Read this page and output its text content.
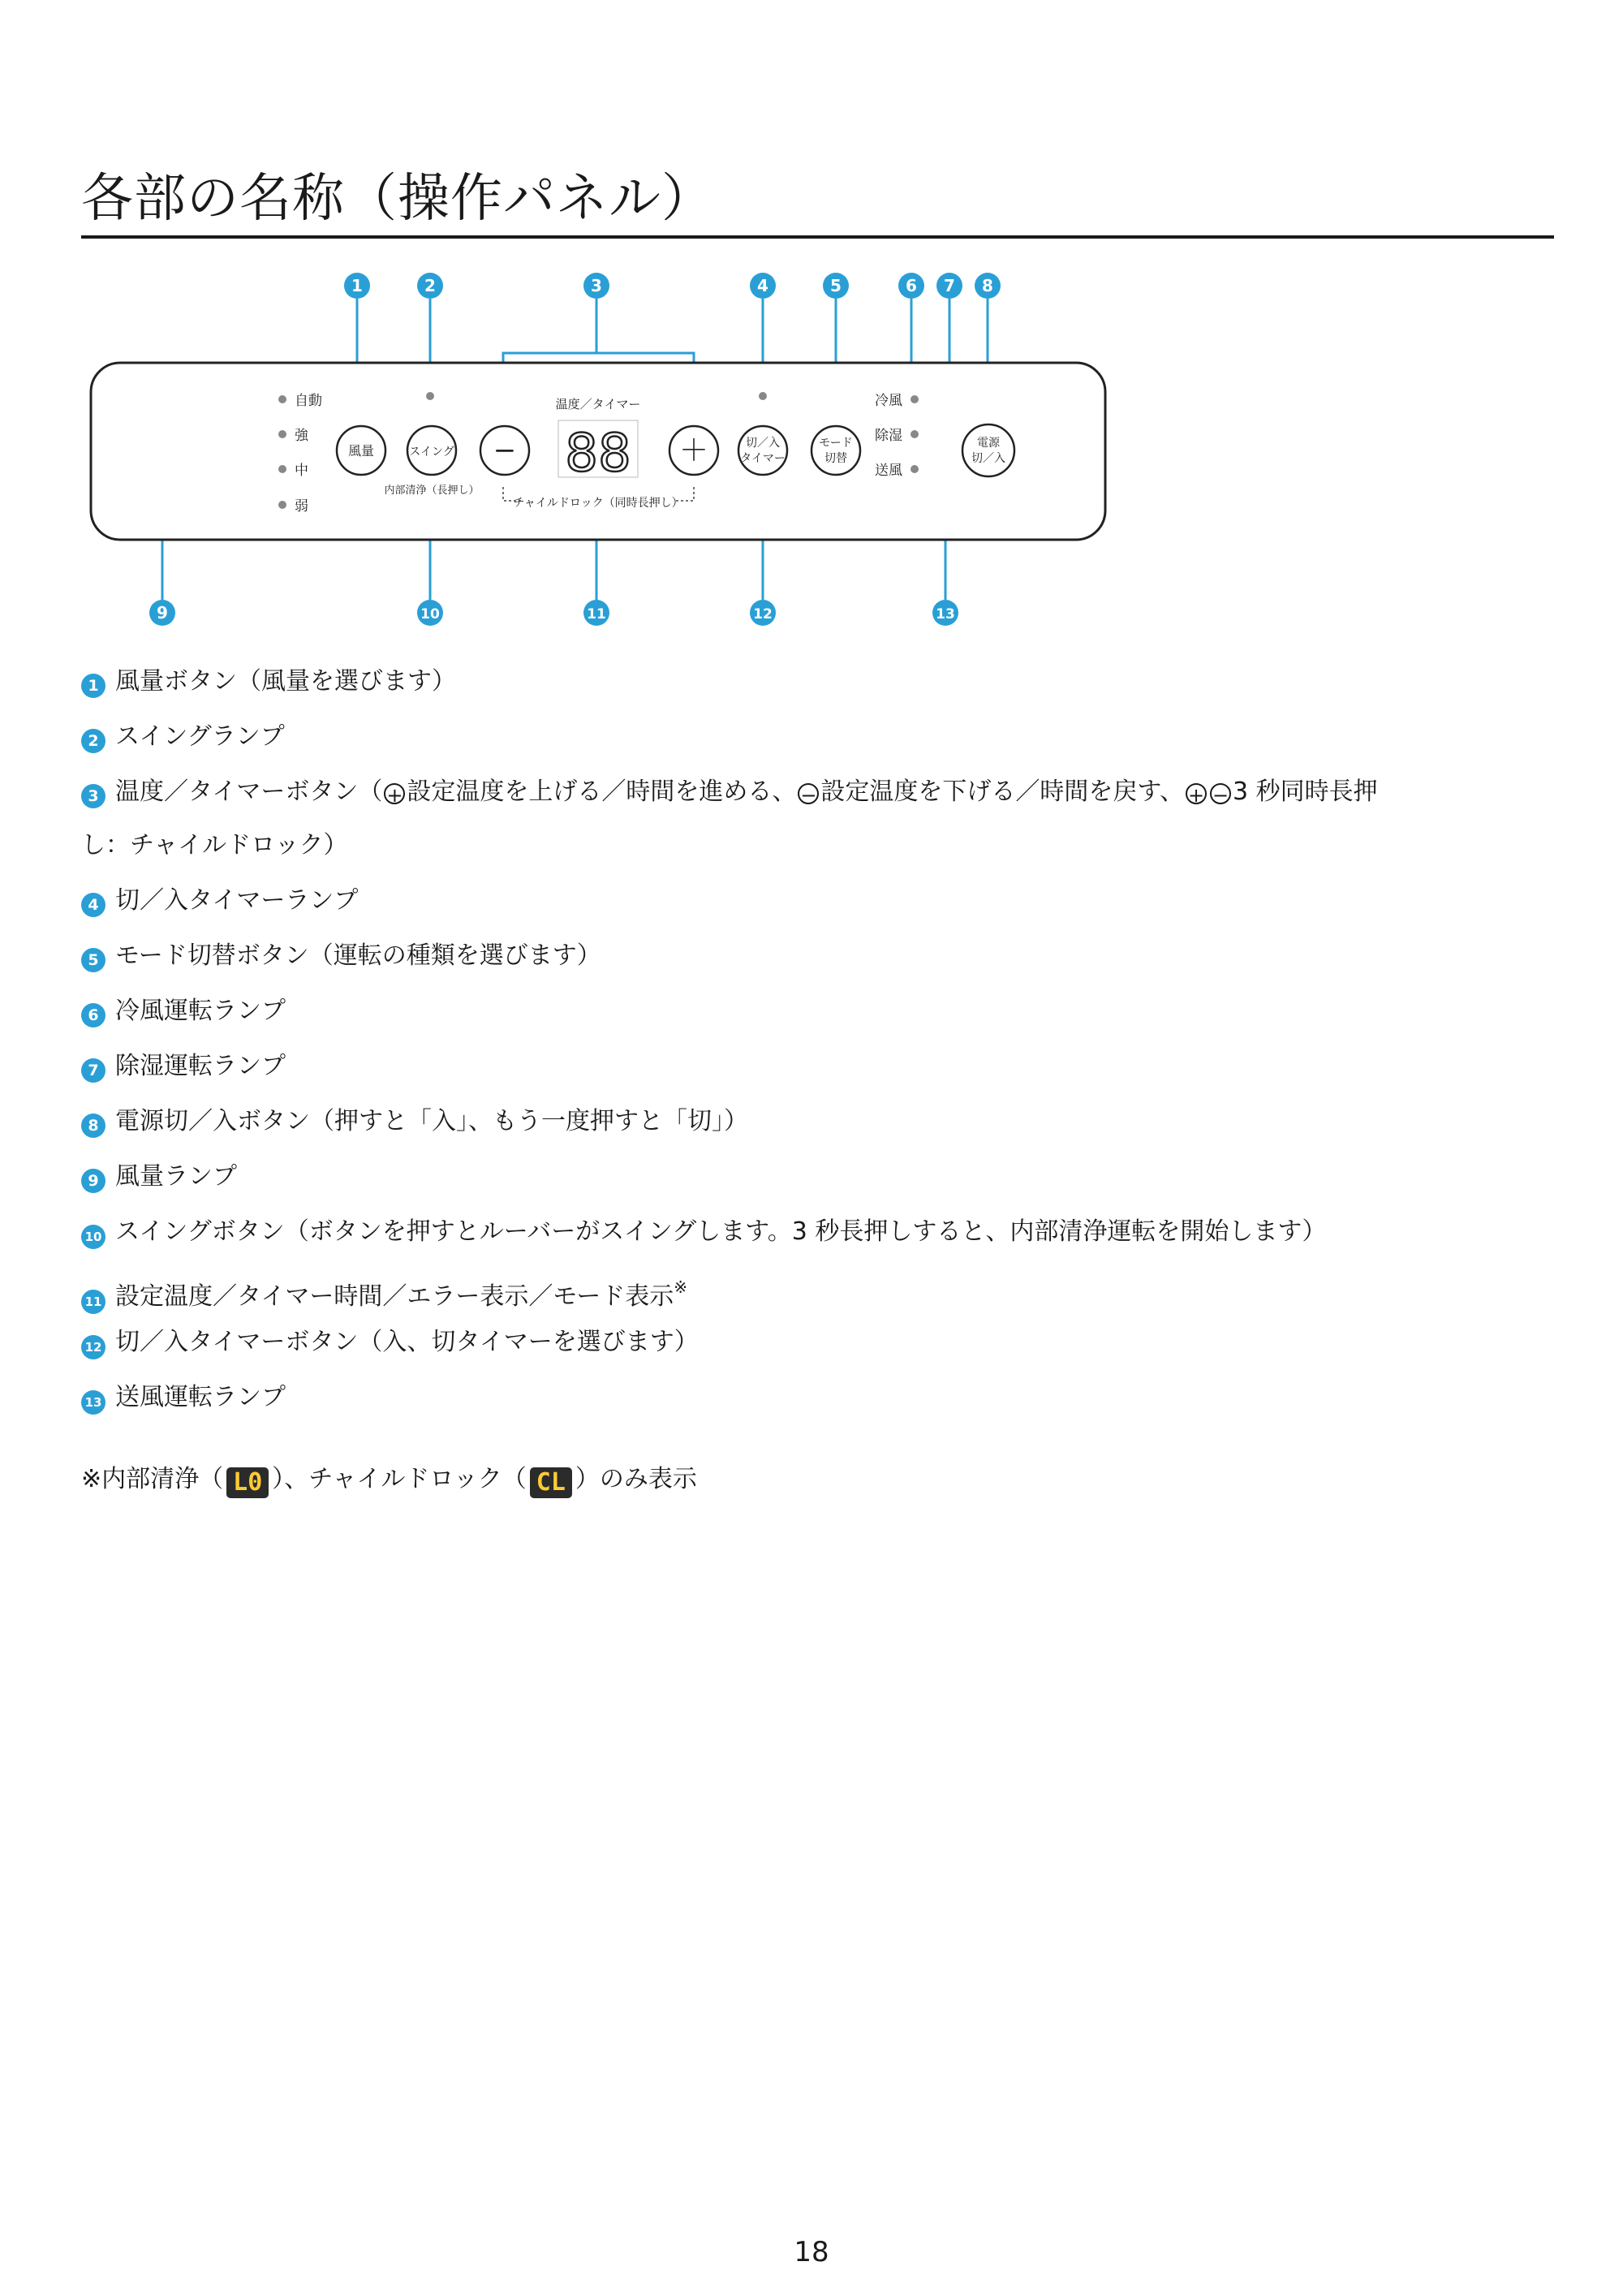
各部の名称（操作パネル）
1	2	3	4	5	6 7 8
9	10	11	12	13
自動
強
中
弱
風量	スイング −	＋	切／入
タイマー
モード
切替
電源
切／入
内部清浄（長押し）
温度／タイマー
チャイルドロック（同時長押し）
88
冷風
除湿
送風
1 風量ボタン（風量を選びます）
2 スイングランプ
3 温度／タイマーボタン（ + 設定温度を上げる／時間を進める、 − 設定温度を下げる／時間を戻す、 + − 3 秒同時長押
し：チャイルドロック）
4 切／入タイマーランプ
5 モード切替ボタン（運転の種類を選びます）
6 冷風運転ランプ
7 除湿運転ランプ
8 電源切／入ボタン（押すと「入」、もう一度押すと「切」）
9 風量ランプ
10 スイングボタン（ボタンを押すとルーバーがスイングします。3 秒長押しすると、内部清浄運転を開始します）
11 設定温度／タイマー時間／エラー表示／モード表示※
12 切／入タイマーボタン（入、切タイマーを選びます）
13 送風運転ランプ
※内部清浄（ L0 ）、チャイルドロック（ CL ）のみ表示
18
